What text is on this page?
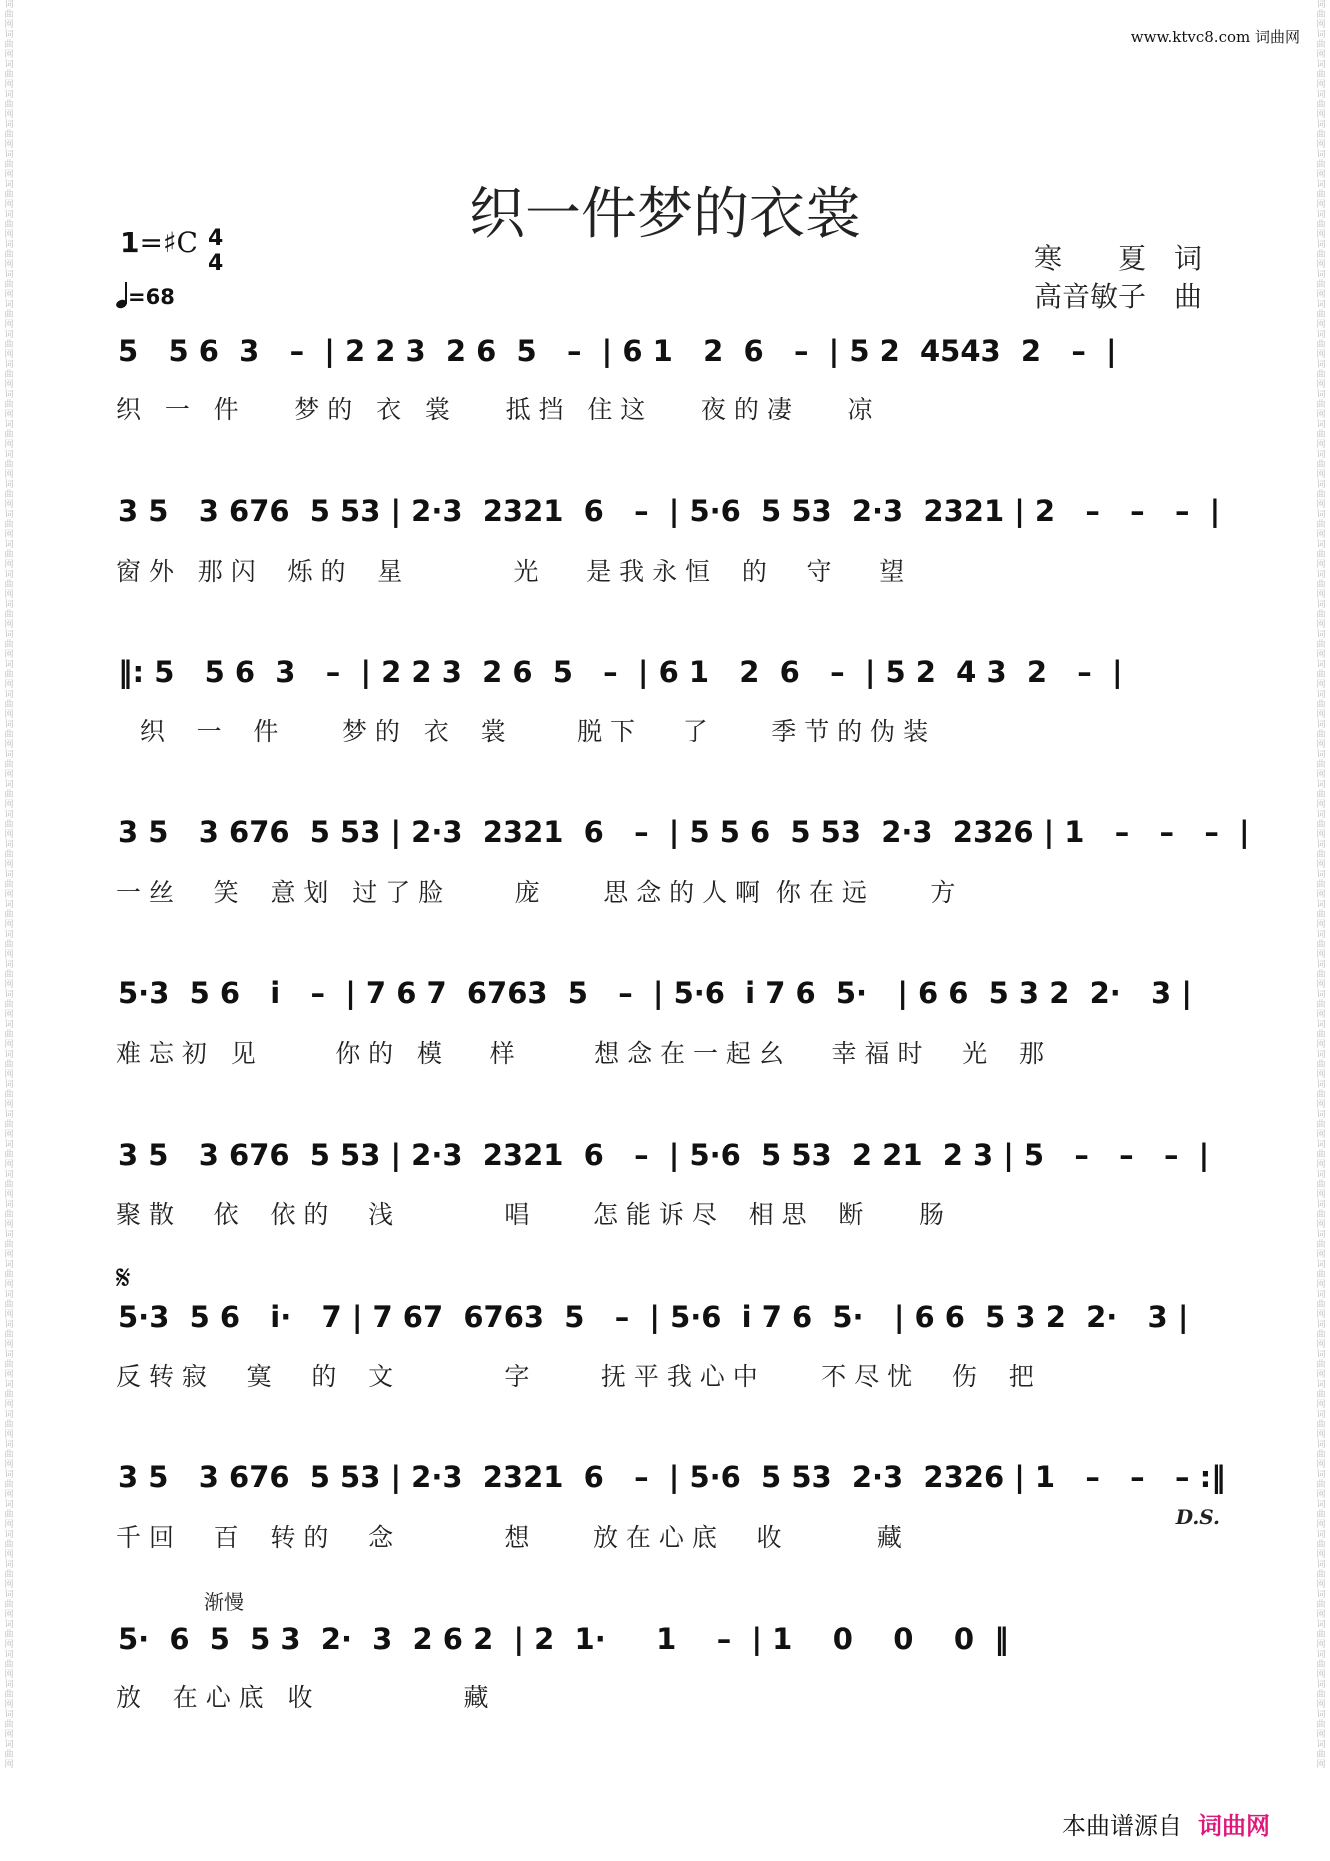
词曲网词曲网词曲网词曲网词曲网词曲网词曲网词曲网词曲网词曲网词曲网词曲网词曲网词曲网词曲网词曲网词曲网词曲网词曲网词曲网词曲网词曲网词曲网词曲网词曲网词曲网词曲网词曲网词曲网词曲网词曲网词曲网词曲网词曲网词曲网词曲网词曲网词曲网词曲网词曲网词曲网词曲网词曲网词曲网词曲网词曲网词曲网词曲网词曲网词曲网词曲网词曲网词曲网词曲网词曲网词曲网词曲网词曲网词曲网
词曲网词曲网词曲网词曲网词曲网词曲网词曲网词曲网词曲网词曲网词曲网词曲网词曲网词曲网词曲网词曲网词曲网词曲网词曲网词曲网词曲网词曲网词曲网词曲网词曲网词曲网词曲网词曲网词曲网词曲网词曲网词曲网词曲网词曲网词曲网词曲网词曲网词曲网词曲网词曲网词曲网词曲网词曲网词曲网词曲网词曲网词曲网词曲网词曲网词曲网词曲网词曲网词曲网词曲网词曲网词曲网词曲网词曲网词曲网
www.ktvc8.com 词曲网
织一件梦的衣裳
1=♯C 4
4
=68
寒　　夏　词
高音敏子　曲
𝄋
渐慢
D.S.
5   5 6  3   –  | 2 2 3  2 6  5   –  | 6 1   2  6   –  | 5 2  4543  2   –  |
织   一   件       梦 的   衣   裳       抵 挡   住 这       夜 的 凄       凉
3 5   3 676  5 53 | 2·3  2321  6   –  | 5·6  5 53  2·3  2321 | 2   –   –   –  |
窗 外   那 闪    烁 的    星              光      是 我 永 恒    的     守      望
‖: 5   5 6  3   –  | 2 2 3  2 6  5   –  | 6 1   2  6   –  | 5 2  4 3  2   –  |
织    一    件        梦 的   衣    裳         脱 下      了        季 节 的 伪 装
3 5   3 676  5 53 | 2·3  2321  6   –  | 5 5 6  5 53  2·3  2326 | 1   –   –   –  |
一 丝     笑    意 划   过 了 脸         庞        思 念 的 人 啊  你 在 远        方
5·3  5 6   i   –  | 7 6 7  6763  5   –  | 5·6  i 7 6  5·   | 6 6  5 3 2  2·   3 |
难 忘 初   见          你 的   模      样          想 念 在 一 起 幺      幸 福 时     光    那
3 5   3 676  5 53 | 2·3  2321  6   –  | 5·6  5 53  2 21  2 3 | 5   –   –   –  |
聚 散     依    依 的     浅              唱        怎 能 诉 尽    相 思    断       肠
5·3  5 6   i·   7 | 7 67  6763  5   –  | 5·6  i 7 6  5·   | 6 6  5 3 2  2·   3 |
反 转 寂     寞     的    文              字         抚 平 我 心 中        不 尽 忧     伤    把
3 5   3 676  5 53 | 2·3  2321  6   –  | 5·6  5 53  2·3  2326 | 1   –   –   – :‖
千 回     百    转 的     念              想        放 在 心 底     收            藏
5·  6  5  5 3  2·  3  2 6 2  | 2  1·     1    –  | 1    0    0    0  ‖
放    在 心 底   收                   藏
本曲谱源自 词曲网
